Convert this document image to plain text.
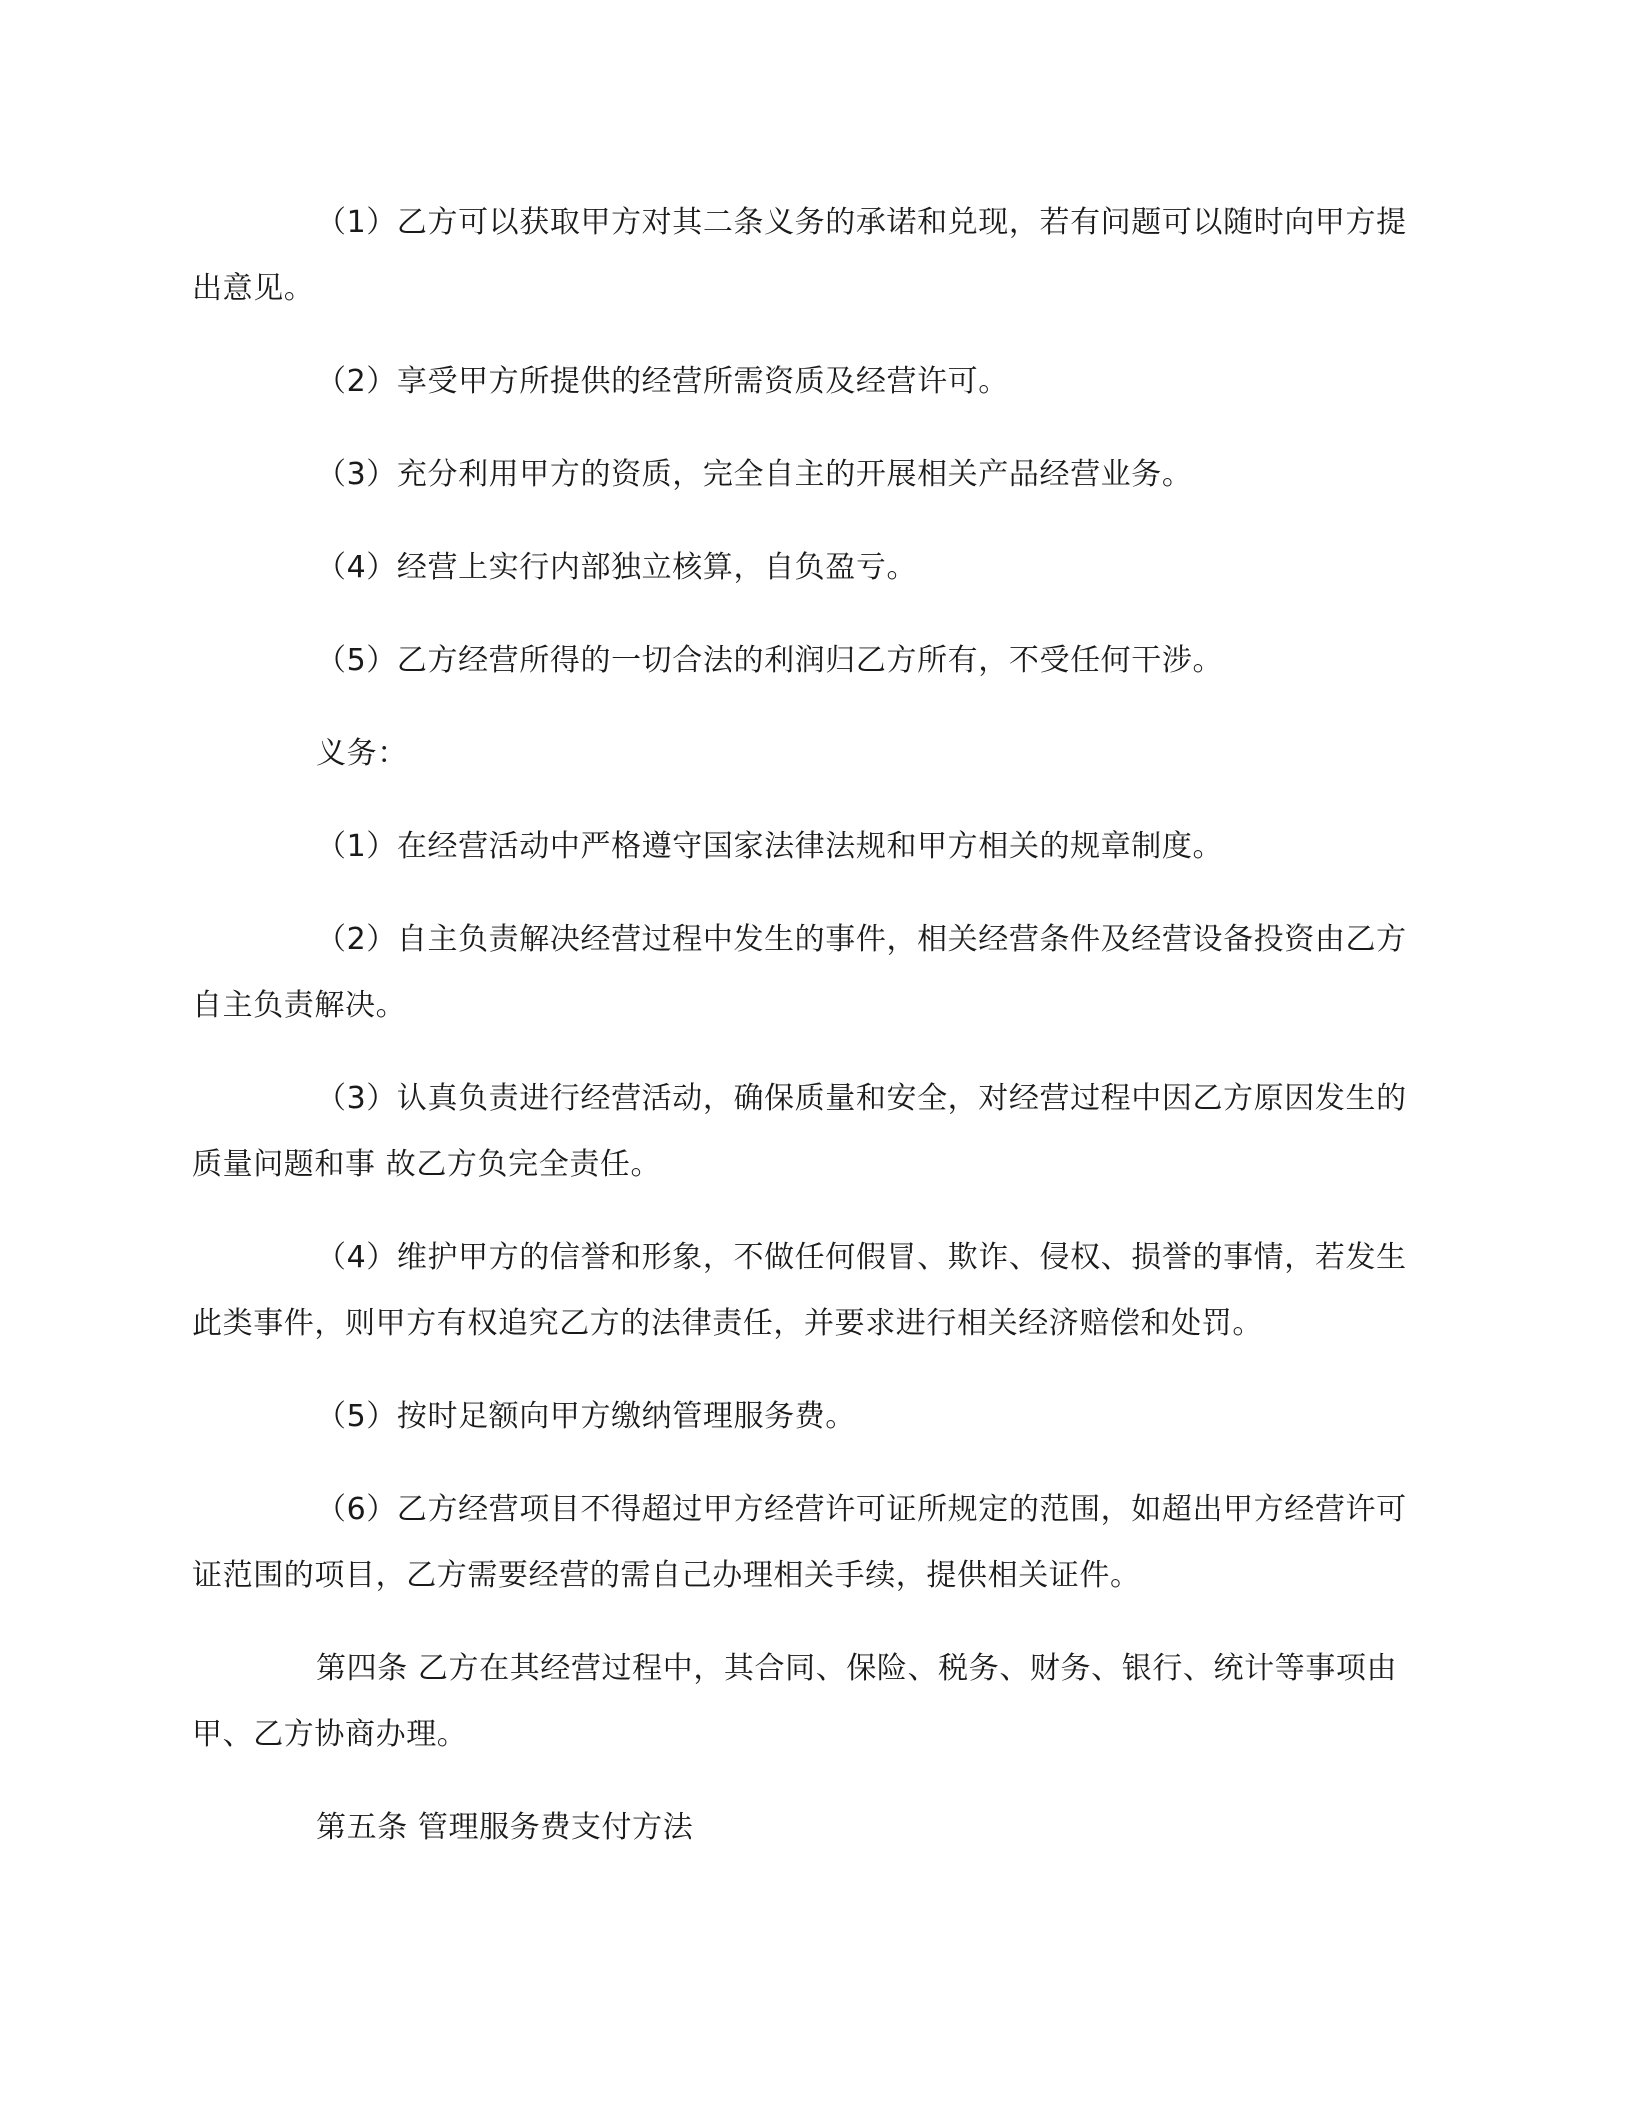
（1）乙方可以获取甲方对其二条义务的承诺和兑现，若有问题可以随时向甲方提出意见。

（2）享受甲方所提供的经营所需资质及经营许可。

（3）充分利用甲方的资质，完全自主的开展相关产品经营业务。

（4）经营上实行内部独立核算，自负盈亏。

（5）乙方经营所得的一切合法的利润归乙方所有，不受任何干涉。

义务：

（1）在经营活动中严格遵守国家法律法规和甲方相关的规章制度。

（2）自主负责解决经营过程中发生的事件，相关经营条件及经营设备投资由乙方自主负责解决。

（3）认真负责进行经营活动，确保质量和安全，对经营过程中因乙方原因发生的质量问题和事 故乙方负完全责任。

（4）维护甲方的信誉和形象，不做任何假冒、欺诈、侵权、损誉的事情，若发生此类事件，则甲方有权追究乙方的法律责任，并要求进行相关经济赔偿和处罚。

（5）按时足额向甲方缴纳管理服务费。

（6）乙方经营项目不得超过甲方经营许可证所规定的范围，如超出甲方经营许可证范围的项目，乙方需要经营的需自己办理相关手续，提供相关证件。

第四条 乙方在其经营过程中，其合同、保险、税务、财务、银行、统计等事项由甲、乙方协商办理。

第五条 管理服务费支付方法
